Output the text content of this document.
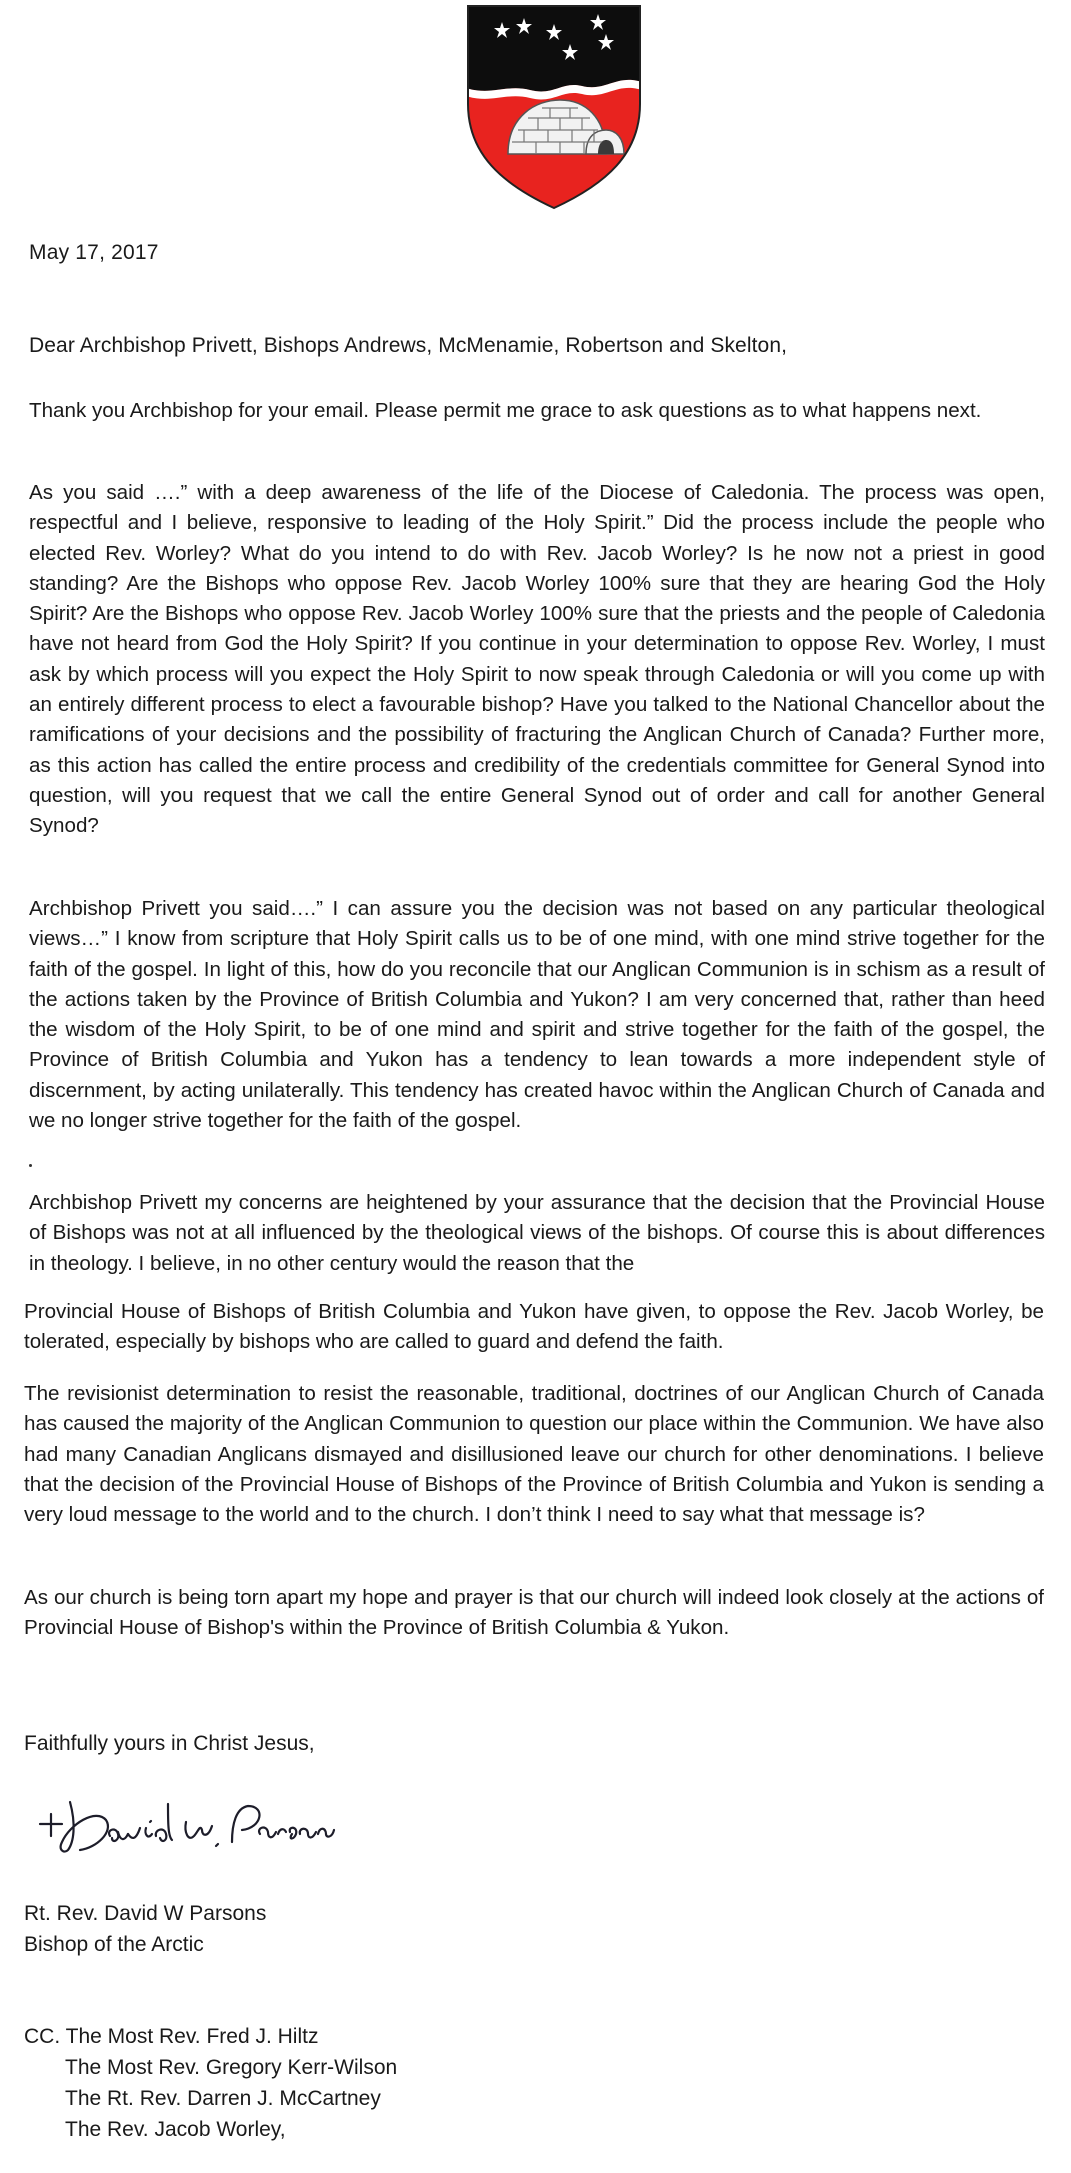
May 17, 2017
Dear Archbishop Privett, Bishops Andrews, McMenamie, Robertson and Skelton,

Thank you Archbishop for your email. Please permit me grace to ask questions as to what happens next.

As you said ….” with a deep awareness of the life of the Diocese of Caledonia. The process was open, respectful and I believe, responsive to leading of the Holy Spirit.” Did the process include the people who elected Rev. Worley? What do you intend to do with Rev. Jacob Worley? Is he now not a priest in good standing? Are the Bishops who oppose Rev. Jacob Worley 100% sure that they are hearing God the Holy Spirit? Are the Bishops who oppose Rev. Jacob Worley 100% sure that the priests and the people of Caledonia have not heard from God the Holy Spirit? If you continue in your determination to oppose Rev. Worley, I must ask by which process will you expect the Holy Spirit to now speak through Caledonia or will you come up with an entirely different process to elect a favourable bishop? Have you talked to the National Chancellor about the ramifications of your decisions and the possibility of fracturing the Anglican Church of Canada? Further more, as this action has called the entire process and credibility of the credentials committee for General Synod into question, will you request that we call the entire General Synod out of order and call for another General Synod?

Archbishop Privett you said….” I can assure you the decision was not based on any particular theological views…” I know from scripture that Holy Spirit calls us to be of one mind, with one mind strive together for the faith of the gospel. In light of this, how do you reconcile that our Anglican Communion is in schism as a result of the actions taken by the Province of British Columbia and Yukon? I am very concerned that, rather than heed the wisdom of the Holy Spirit, to be of one mind and spirit and strive together for the faith of the gospel, the Province of British Columbia and Yukon has a tendency to lean towards a more independent style of discernment, by acting unilaterally. This tendency has created havoc within the Anglican Church of Canada and we no longer strive together for the faith of the gospel.

Archbishop Privett my concerns are heightened by your assurance that the decision that the Provincial House of Bishops was not at all influenced by the theological views of the bishops. Of course this is about differences in theology. I believe, in no other century would the reason that the

Provincial House of Bishops of British Columbia and Yukon have given, to oppose the Rev. Jacob Worley, be tolerated, especially by bishops who are called to guard and defend the faith.

The revisionist determination to resist the reasonable, traditional, doctrines of our Anglican Church of Canada has caused the majority of the Anglican Communion to question our place within the Communion. We have also had many Canadian Anglicans dismayed and disillusioned leave our church for other denominations. I believe that the decision of the Provincial House of Bishops of the Province of British Columbia and Yukon is sending a very loud message to the world and to the church. I don’t think I need to say what that message is?

As our church is being torn apart my hope and prayer is that our church will indeed look closely at the actions of Provincial House of Bishop's within the Province of British Columbia & Yukon.

Faithfully yours in Christ Jesus,
Rt. Rev. David W Parsons
Bishop of the Arctic
CC. The Most Rev. Fred J. Hiltz
The Most Rev. Gregory Kerr-Wilson
The Rt. Rev. Darren J. McCartney
The Rev. Jacob Worley,
